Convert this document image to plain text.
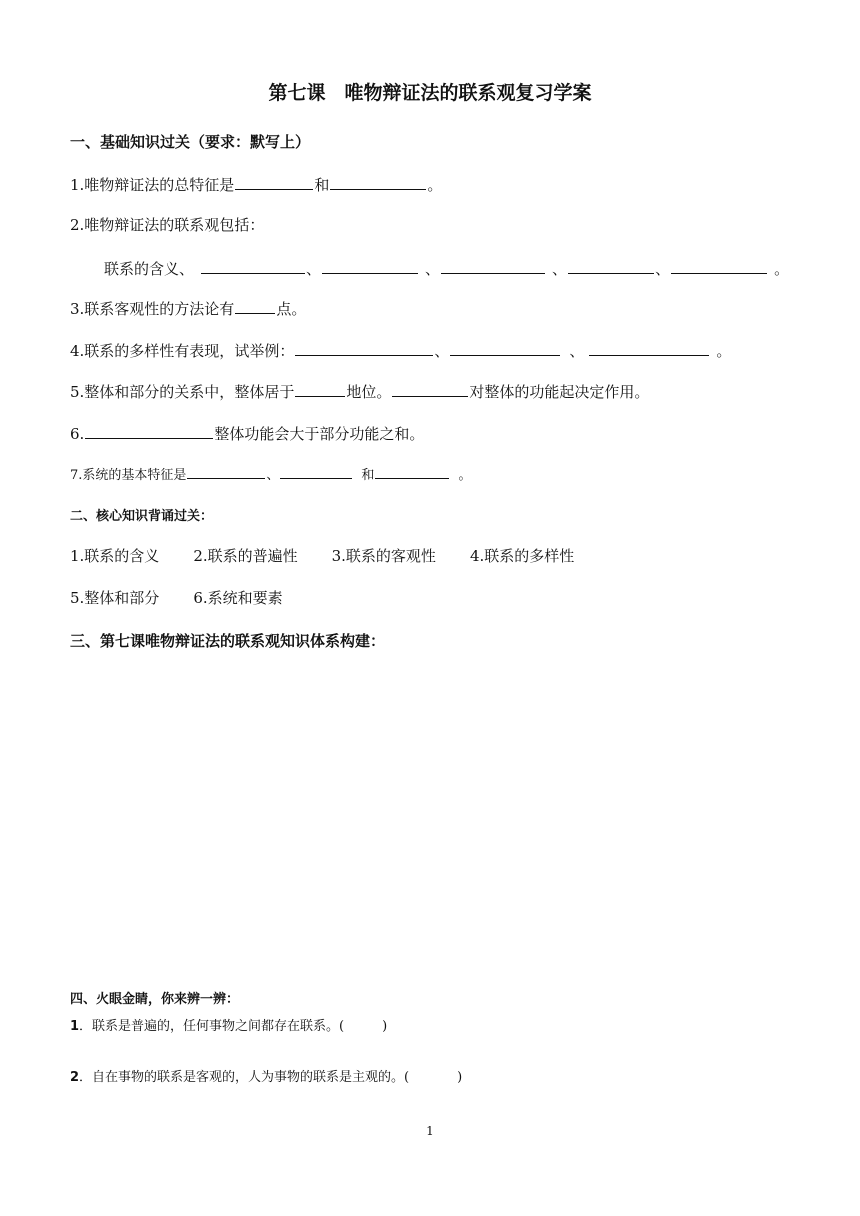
第七课　唯物辩证法的联系观复习学案
一、基础知识过关（要求：默写上）
1.唯物辩证法的总特征是	和	。
2.唯物辩证法的联系观包括：
联系的含义、	、	、	、	、	。
3.联系客观性的方法论有	点。
4.联系的多样性有表现，试举例：	、	、	。
5.整体和部分的关系中，整体居于	地位。	对整体的功能起决定作用。
6.	整体功能会大于部分功能之和。
7.系统的基本特征是	、	和	。
二、核心知识背诵过关：
1.联系的含义 2.联系的普遍性 3.联系的客观性 4.联系的多样性
5.整体和部分 6.系统和要素
三、第七课唯物辩证法的联系观知识体系构建：
四、火眼金睛，你来辨一辨：
1．联系是普遍的，任何事物之间都存在联系。(	)
2．自在事物的联系是客观的，人为事物的联系是主观的。(	)
1
